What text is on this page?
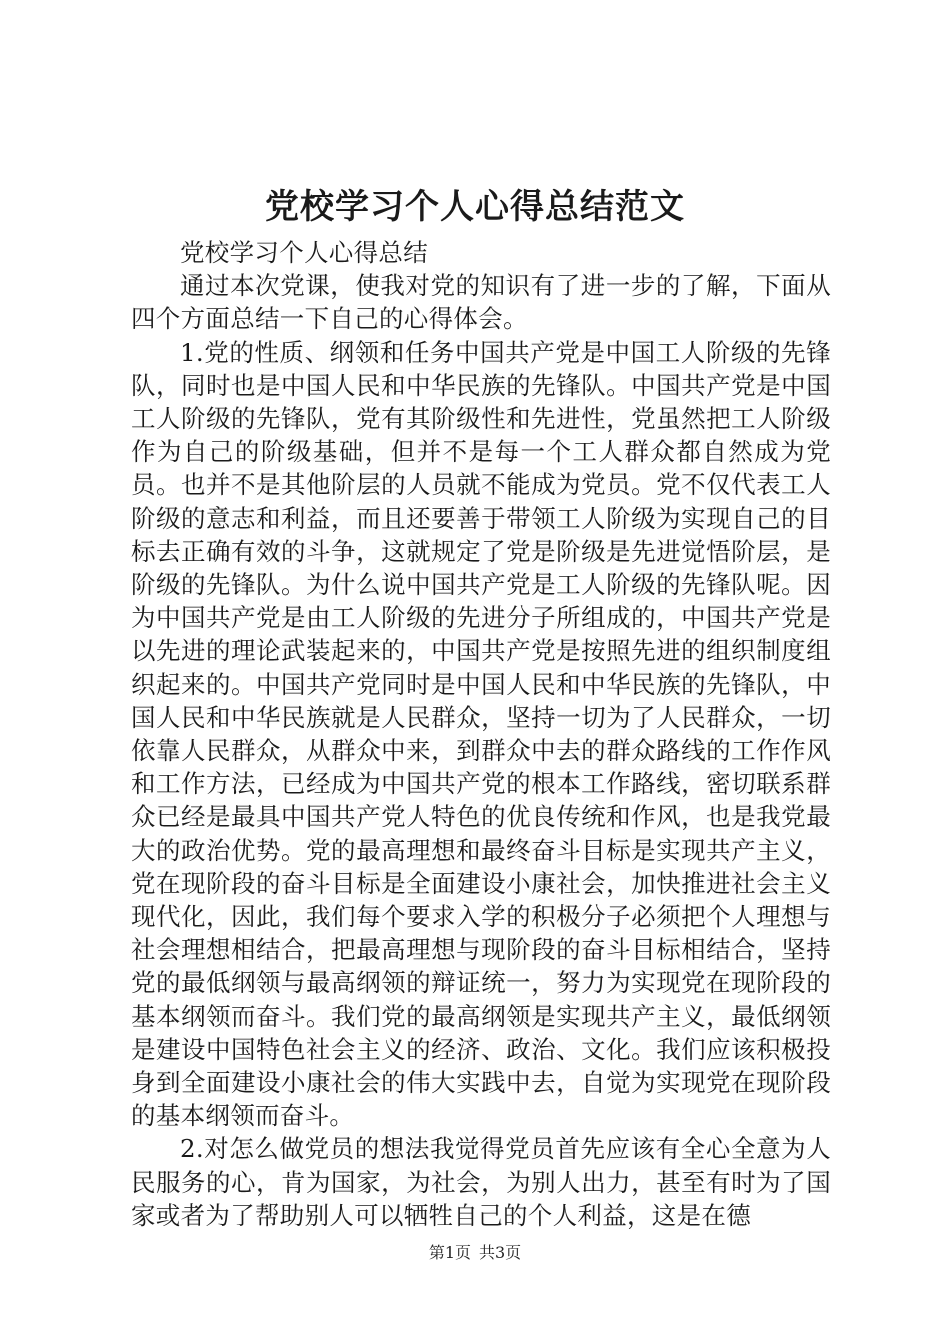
党校学习个人心得总结范文

党校学习个人心得总结

通过本次党课，使我对党的知识有了进一步的了解，下面从四个方面总结一下自己的心得体会。

1.党的性质、纲领和任务中国共产党是中国工人阶级的先锋队，同时也是中国人民和中华民族的先锋队。中国共产党是中国工人阶级的先锋队，党有其阶级性和先进性，党虽然把工人阶级作为自己的阶级基础，但并不是每一个工人群众都自然成为党员。也并不是其他阶层的人员就不能成为党员。党不仅代表工人阶级的意志和利益，而且还要善于带领工人阶级为实现自己的目标去正确有效的斗争，这就规定了党是阶级是先进觉悟阶层，是阶级的先锋队。为什么说中国共产党是工人阶级的先锋队呢。因为中国共产党是由工人阶级的先进分子所组成的，中国共产党是以先进的理论武装起来的，中国共产党是按照先进的组织制度组织起来的。中国共产党同时是中国人民和中华民族的先锋队，中国人民和中华民族就是人民群众，坚持一切为了人民群众，一切依靠人民群众，从群众中来，到群众中去的群众路线的工作作风和工作方法，已经成为中国共产党的根本工作路线，密切联系群众已经是最具中国共产党人特色的优良传统和作风，也是我党最大的政治优势。党的最高理想和最终奋斗目标是实现共产主义，党在现阶段的奋斗目标是全面建设小康社会，加快推进社会主义现代化，因此，我们每个要求入学的积极分子必须把个人理想与社会理想相结合，把最高理想与现阶段的奋斗目标相结合，坚持党的最低纲领与最高纲领的辩证统一，努力为实现党在现阶段的基本纲领而奋斗。我们党的最高纲领是实现共产主义，最低纲领是建设中国特色社会主义的经济、政治、文化。我们应该积极投身到全面建设小康社会的伟大实践中去，自觉为实现党在现阶段的基本纲领而奋斗。

2.对怎么做党员的想法我觉得党员首先应该有全心全意为人民服务的心，肯为国家，为社会，为别人出力，甚至有时为了国家或者为了帮助别人可以牺牲自己的个人利益，这是在德

第1页 共3页
